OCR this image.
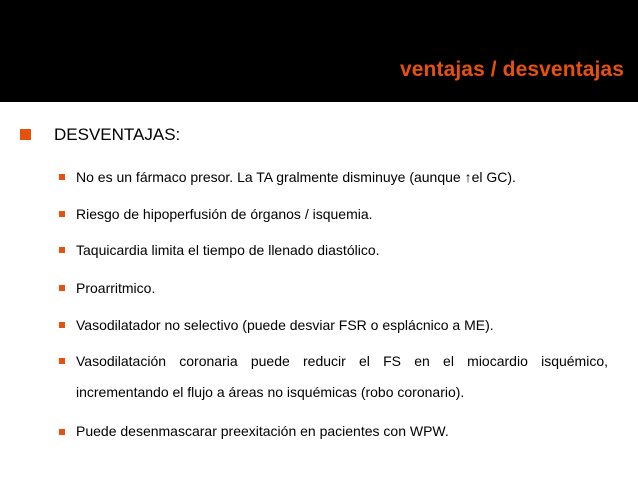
ventajas / desventajas
DESVENTAJAS:
No es un fármaco presor. La TA gralmente disminuye (aunque ↑el GC).
Riesgo de hipoperfusión de órganos / isquemia.
Taquicardia limita el tiempo de llenado diastólico.
Proarritmico.
Vasodilatador no selectivo (puede desviar FSR o esplácnico a ME).
Vasodilatación coronaria puede reducir el FS en el miocardio isquémico, incrementando el flujo a áreas no isquémicas (robo coronario).
Puede desenmascarar preexitación en pacientes con WPW.
